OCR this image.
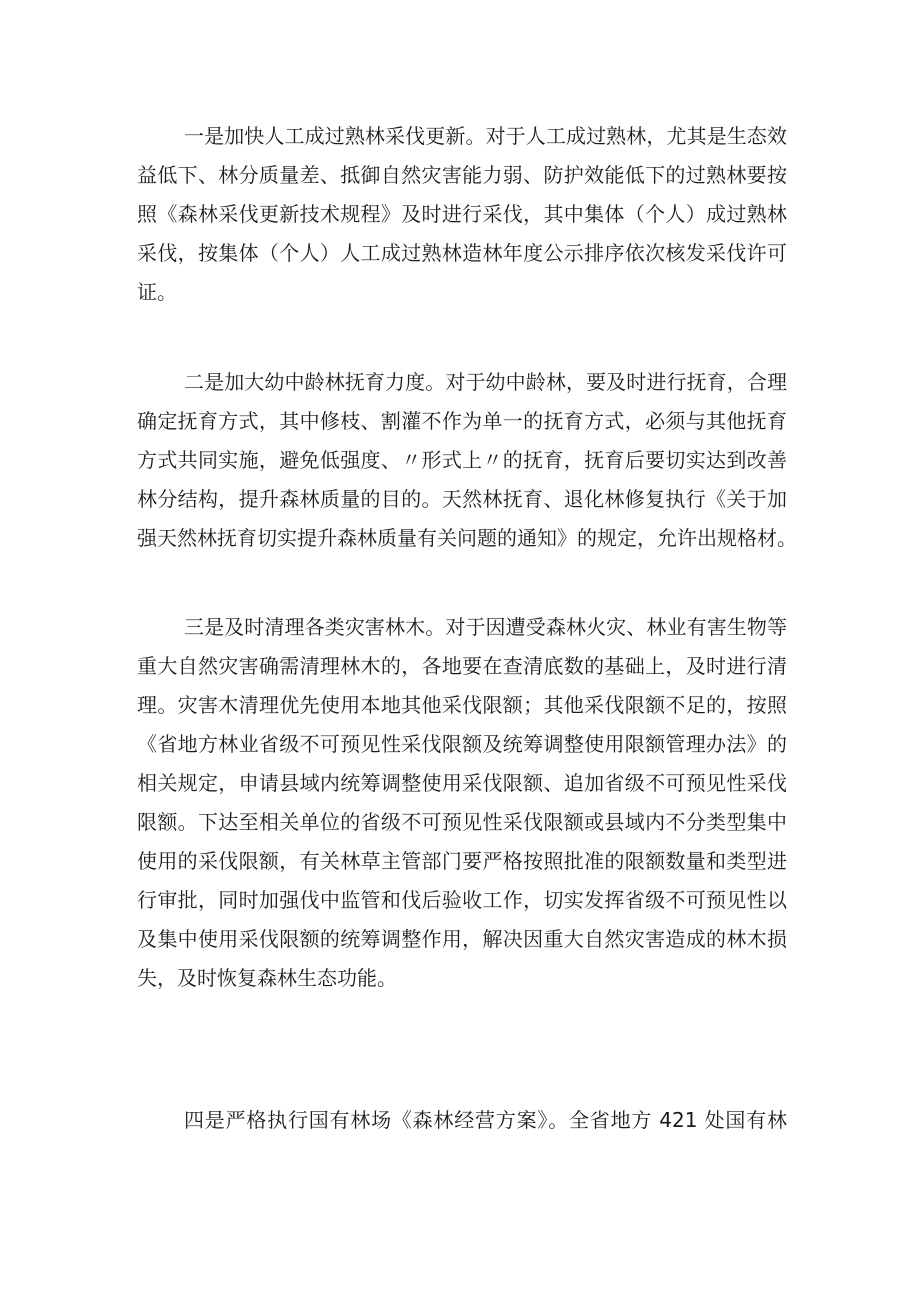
一是加快人工成过熟林采伐更新。对于人工成过熟林，尤其是生态效
益低下、林分质量差、抵御自然灾害能力弱、防护效能低下的过熟林要按
照《森林采伐更新技术规程》及时进行采伐，其中集体（个人）成过熟林
采伐，按集体（个人）人工成过熟林造林年度公示排序依次核发采伐许可
证。
二是加大幼中龄林抚育力度。对于幼中龄林，要及时进行抚育，合理
确定抚育方式，其中修枝、割灌不作为单一的抚育方式，必须与其他抚育
方式共同实施，避免低强度、〃形式上〃的抚育，抚育后要切实达到改善
林分结构，提升森林质量的目的。天然林抚育、退化林修复执行《关于加
强天然林抚育切实提升森林质量有关问题的通知》的规定，允许出规格材。
三是及时清理各类灾害林木。对于因遭受森林火灾、林业有害生物等
重大自然灾害确需清理林木的，各地要在查清底数的基础上，及时进行清
理。灾害木清理优先使用本地其他采伐限额；其他采伐限额不足的，按照
《省地方林业省级不可预见性采伐限额及统筹调整使用限额管理办法》的
相关规定，申请县域内统筹调整使用采伐限额、追加省级不可预见性采伐
限额。下达至相关单位的省级不可预见性采伐限额或县域内不分类型集中
使用的采伐限额，有关林草主管部门要严格按照批准的限额数量和类型进
行审批，同时加强伐中监管和伐后验收工作，切实发挥省级不可预见性以
及集中使用采伐限额的统筹调整作用，解决因重大自然灾害造成的林木损
失，及时恢复森林生态功能。
四是严格执行国有林场《森林经营方案》。全省地方 421 处国有林
